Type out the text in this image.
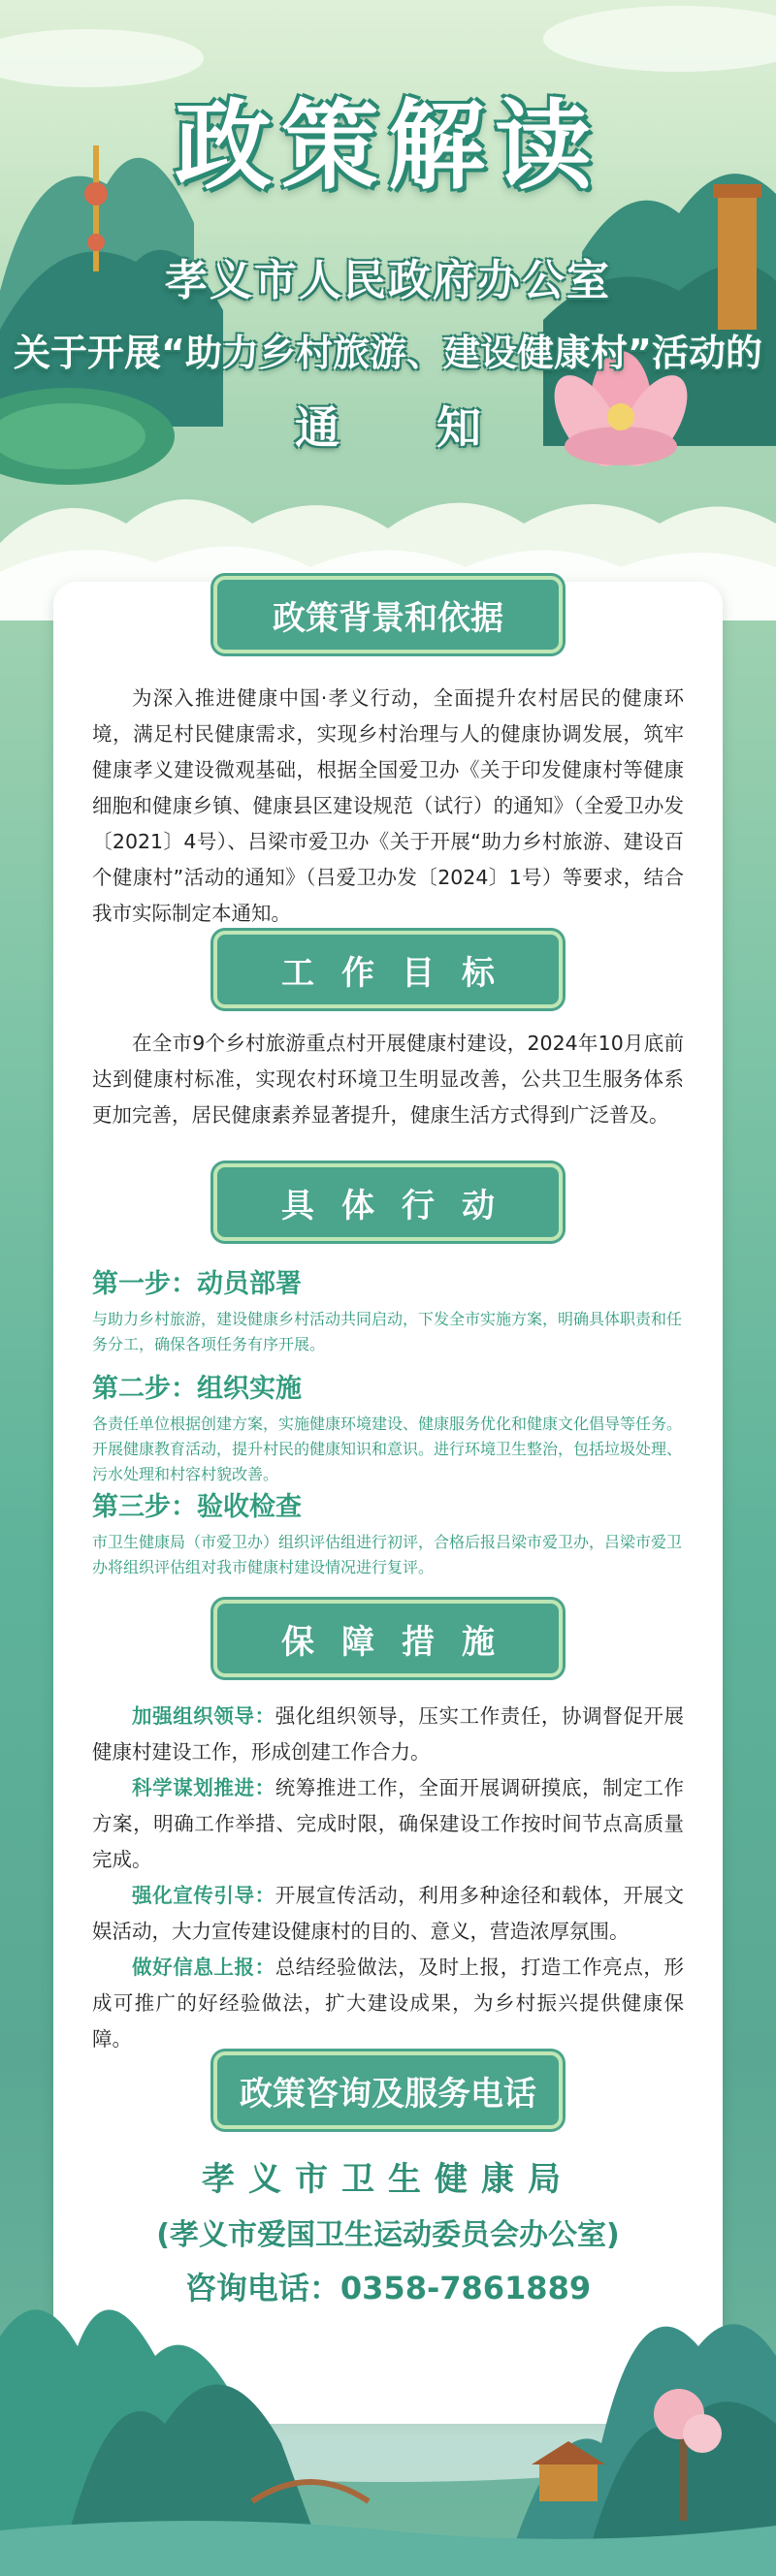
政策解读
孝义市人民政府办公室
关于开展“助力乡村旅游、建设健康村”活动的
通知
政策背景和依据
为深入推进健康中国·孝义行动，全面提升农村居民的健康环境，满足村民健康需求，实现乡村治理与人的健康协调发展，筑牢健康孝义建设微观基础，根据全国爱卫办《关于印发健康村等健康细胞和健康乡镇、健康县区建设规范（试行）的通知》（全爱卫办发〔2021〕4号）、吕梁市爱卫办《关于开展“助力乡村旅游、建设百个健康村”活动的通知》（吕爱卫办发〔2024〕1号）等要求，结合我市实际制定本通知。
工作目标
在全市9个乡村旅游重点村开展健康村建设，2024年10月底前达到健康村标准，实现农村环境卫生明显改善，公共卫生服务体系更加完善，居民健康素养显著提升，健康生活方式得到广泛普及。
具体行动
第一步：动员部署
与助力乡村旅游，建设健康乡村活动共同启动，下发全市实施方案，明确具体职责和任务分工，确保各项任务有序开展。
第二步：组织实施
各责任单位根据创建方案，实施健康环境建设、健康服务优化和健康文化倡导等任务。开展健康教育活动，提升村民的健康知识和意识。进行环境卫生整治，包括垃圾处理、污水处理和村容村貌改善。
第三步：验收检查
市卫生健康局（市爱卫办）组织评估组进行初评，合格后报吕梁市爱卫办，吕梁市爱卫办将组织评估组对我市健康村建设情况进行复评。
保障措施
加强组织领导：强化组织领导，压实工作责任，协调督促开展健康村建设工作，形成创建工作合力。
科学谋划推进：统筹推进工作，全面开展调研摸底，制定工作方案，明确工作举措、完成时限，确保建设工作按时间节点高质量完成。
强化宣传引导：开展宣传活动，利用多种途径和载体，开展文娱活动，大力宣传建设健康村的目的、意义，营造浓厚氛围。
做好信息上报：总结经验做法，及时上报，打造工作亮点，形成可推广的好经验做法，扩大建设成果，为乡村振兴提供健康保障。
政策咨询及服务电话
孝义市卫生健康局
(孝义市爱国卫生运动委员会办公室)
咨询电话：0358-7861889
